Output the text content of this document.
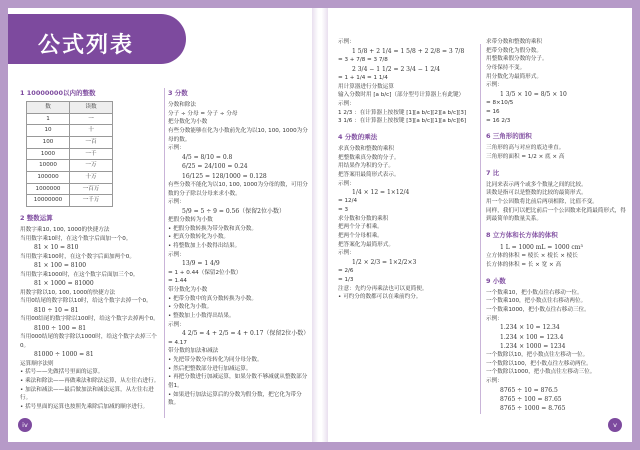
公式列表
1 10000000以内的整数
数	读数
1	一
10	十
100	一百
1000	一千
10000	一万
100000	十万
1000000	一百万
10000000	一千万
2 整数运算
用数字乘10, 100, 1000的快捷方法
当用数字乘10时，在这个数字后面加一个0。
81 × 10 = 810
当用数字乘100时，在这个数字后面加两个0。
81 × 100 = 8100
当用数字乘1000时，在这个数字后面加三个0。
81 × 1000 = 81000
用数字除以10, 100, 1000的快捷方法
当用0结尾的数字除以10时，给这个数字去掉一个0。
810 ÷ 10 = 81
当用00结尾的数字除以100时，给这个数字去掉两个0。
8100 ÷ 100 = 81
当用000结尾的数字除以1000时，给这个数字去掉三个0。
81000 ÷ 1000 = 81
运算顺序法则
• 括号——先做括号里面的运算。
• 乘法和除法——再做乘法和除法运算，从左往右进行。
• 加法和减法——最后做加法和减法运算，从左往右进行。
• 括号里面的运算也按照先乘除后加减的顺序进行。
3 分数
分数和除法
分子 ÷ 分母 = 分子 ÷ 分母
把分数化为小数
有些分数能够在化为小数前先化为以10, 100, 1000为分母的数。
示例：
4/5 = 8/10 = 0.8
6/25 = 24/100 = 0.24
16/125 = 128/1000 = 0.128
有些分数不能化为以10, 100, 1000为分母的数，可用分数的分子除以分母来求小数。
示例：
5/9 = 5 ÷ 9 = 0.56（保留2位小数）
把假分数转为小数
• 把假分数转换为带分数和真分数。
• 把真分数转化为小数。
• 将整数加上小数得出结果。
示例：
13/9 = 1 4/9
= 1 + 0.44（保留2位小数）
= 1.44
带分数化为小数
• 把带分数中的真分数转换为小数。
• 分数化为小数。
• 整数加上小数得出结果。
示例：
4 2/5 = 4 + 2/5 = 4 + 0.17（保留2位小数）
= 4.17
带分数的加法和减法
• 先把带分数分母转化为同分母分数。
• 然后把整数部分进行加减运算。
• 再把分数进行加减运算，如果分数不够减就从整数部分借1。
• 如果进行加法运算后的分数为假分数，把它化为带分数。
iv
示例：
1 5/8 + 2 1/4 = 1 5/8 + 2 2/8 = 3 7/8
= 3 + 7/8 = 3 7/8
2 3/4 − 1 1/2 = 2 3/4 − 1 2/4
= 1 + 1/4 = 1 1/4
用计算器进行分数运算
输入分数时用 [a b/c]（部分型号计算器上有此键）
示例：
1 2/3 ：在计算器上按按键 [1][a b/c][2][a b/c][3]
3 1/6 ：在计算器上按按键 [3][a b/c][1][a b/c][6]
4 分数的乘法
求真分数和整数的乘积
把整数乘真分数的分子。
用结果作为积的分子。
把答案用最简形式表示。
示例：
1/4 × 12 = 1×12/4
= 12/4
= 3
求分数和分数的乘积
把两个分子相乘。
把两个分母相乘。
把答案化为最简形式。
示例：
1/2 × 2/3 = 1×2/2×3
= 2/6
= 1/3
注意：先约分再乘法也可以更简便。
• 可约分的数都可以在乘前约分。
求带分数和整数的乘积
把带分数化为假分数。
用整数乘假分数的分子。
分母保持不变。
用分数化为最简形式。
示例：
1 3/5 × 10 = 8/5 × 10
= 8×10/5
= 16
= 16 2/3
6 三角形的面积
三角形的高与对应的底边垂直。
三角形的面积 = 1/2 × 底 × 高
7 比
比同来表示两个或多个数量之间的比较。
读数是指可以是整数的比较的最简形式。
用一个公因数将比前后两项相除，比值不变。
同样，我们可以把比前后一个公因数来化简最简形式，得到最简单的数量关系。
8 立方体和长方体的体积
1 L = 1000 mL = 1000 cm³
立方体的体积 = 棱长 × 棱长 × 棱长
长方体的体积 = 长 × 宽 × 高
9 小数
一个数乘10，把小数点往右移动一位。
一个数乘100，把小数点往右移动两位。
一个数乘1000，把小数点往右移动三位。
示例：
1.234 × 10 = 12.34
1.234 × 100 = 123.4
1.234 × 1000 = 1234
一个数除以10，把小数点往左移动一位。
一个数除以100，把小数点往左移动两位。
一个数除以1000，把小数点往左移动三位。
示例：
8765 ÷ 10 = 876.5
8765 ÷ 100 = 87.65
8765 ÷ 1000 = 8.765
v
